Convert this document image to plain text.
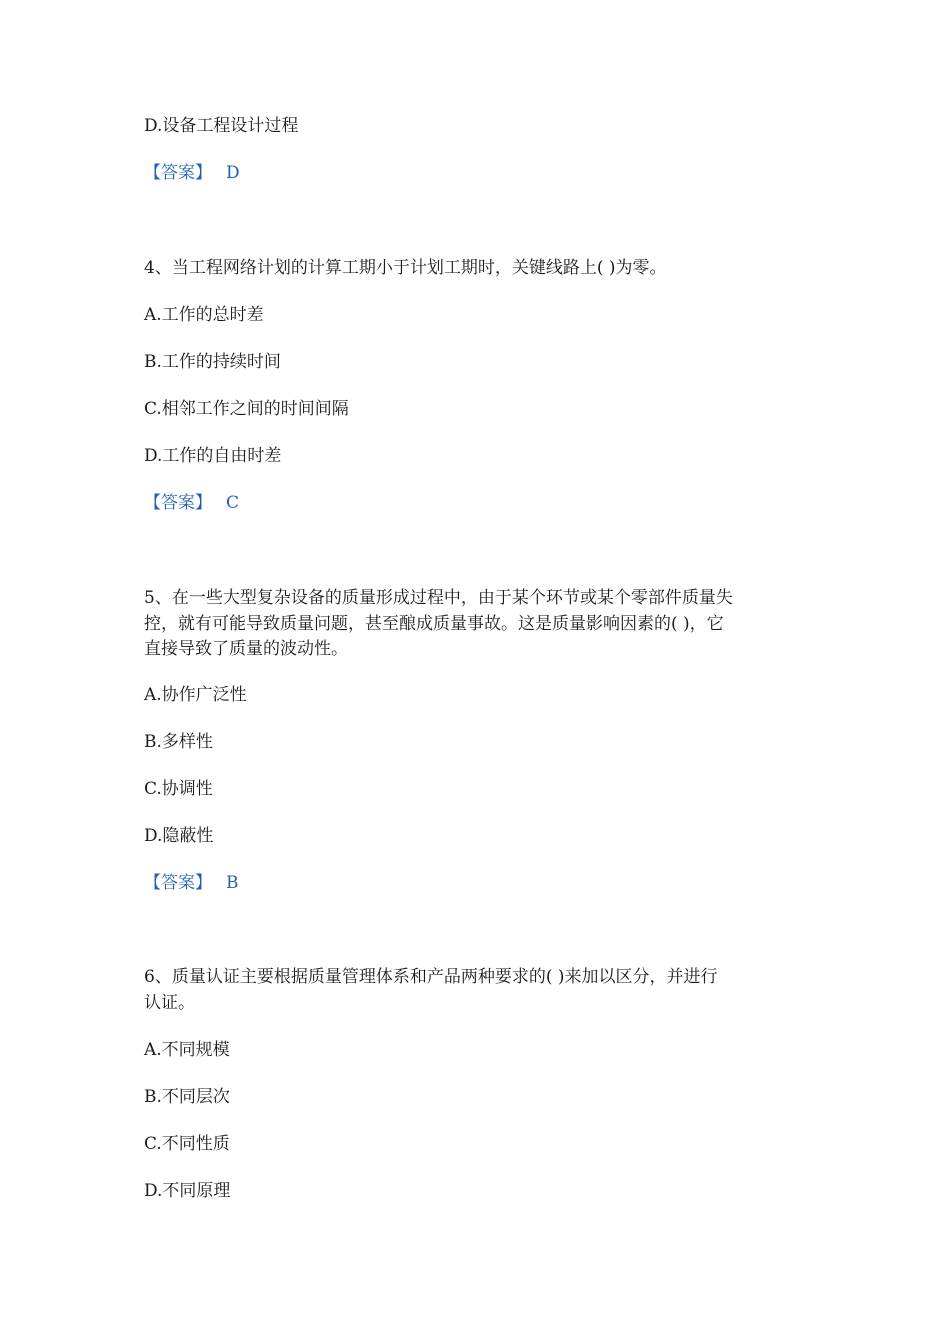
D.设备工程设计过程
【答案】 D
4、当工程网络计划的计算工期小于计划工期时，关键线路上( )为零。
A.工作的总时差
B.工作的持续时间
C.相邻工作之间的时间间隔
D.工作的自由时差
【答案】 C
5、在一些大型复杂设备的质量形成过程中，由于某个环节或某个零部件质量失
控，就有可能导致质量问题，甚至酿成质量事故。这是质量影响因素的( )，它
直接导致了质量的波动性。
A.协作广泛性
B.多样性
C.协调性
D.隐蔽性
【答案】 B
6、质量认证主要根据质量管理体系和产品两种要求的( )来加以区分，并进行
认证。
A.不同规模
B.不同层次
C.不同性质
D.不同原理
